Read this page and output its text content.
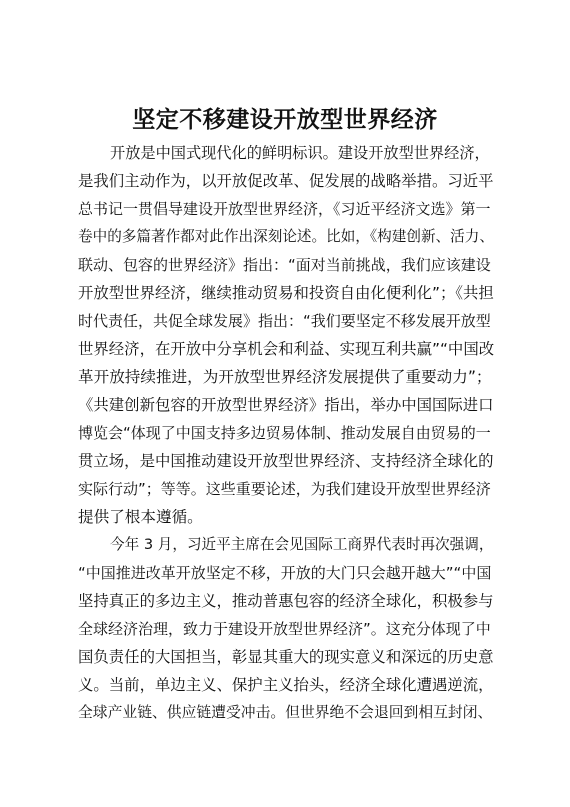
坚定不移建设开放型世界经济
开放是中国式现代化的鲜明标识。建设开放型世界经济，
是我们主动作为，以开放促改革、促发展的战略举措。习近平
总书记一贯倡导建设开放型世界经济，《习近平经济文选》第一
卷中的多篇著作都对此作出深刻论述。比如，《构建创新、活力、
联动、包容的世界经济》指出：“面对当前挑战，我们应该建设
开放型世界经济，继续推动贸易和投资自由化便利化”；《共担
时代责任，共促全球发展》指出：“我们要坚定不移发展开放型
世界经济，在开放中分享机会和利益、实现互利共赢”“中国改
革开放持续推进，为开放型世界经济发展提供了重要动力”；
《共建创新包容的开放型世界经济》指出，举办中国国际进口
博览会“体现了中国支持多边贸易体制、推动发展自由贸易的一
贯立场，是中国推动建设开放型世界经济、支持经济全球化的
实际行动”；等等。这些重要论述，为我们建设开放型世界经济
提供了根本遵循。
今年 3 月，习近平主席在会见国际工商界代表时再次强调，
“中国推进改革开放坚定不移，开放的大门只会越开越大”“中国
坚持真正的多边主义，推动普惠包容的经济全球化，积极参与
全球经济治理，致力于建设开放型世界经济”。这充分体现了中
国负责任的大国担当，彰显其重大的现实意义和深远的历史意
义。当前，单边主义、保护主义抬头，经济全球化遭遇逆流，
全球产业链、供应链遭受冲击。但世界绝不会退回到相互封闭、
